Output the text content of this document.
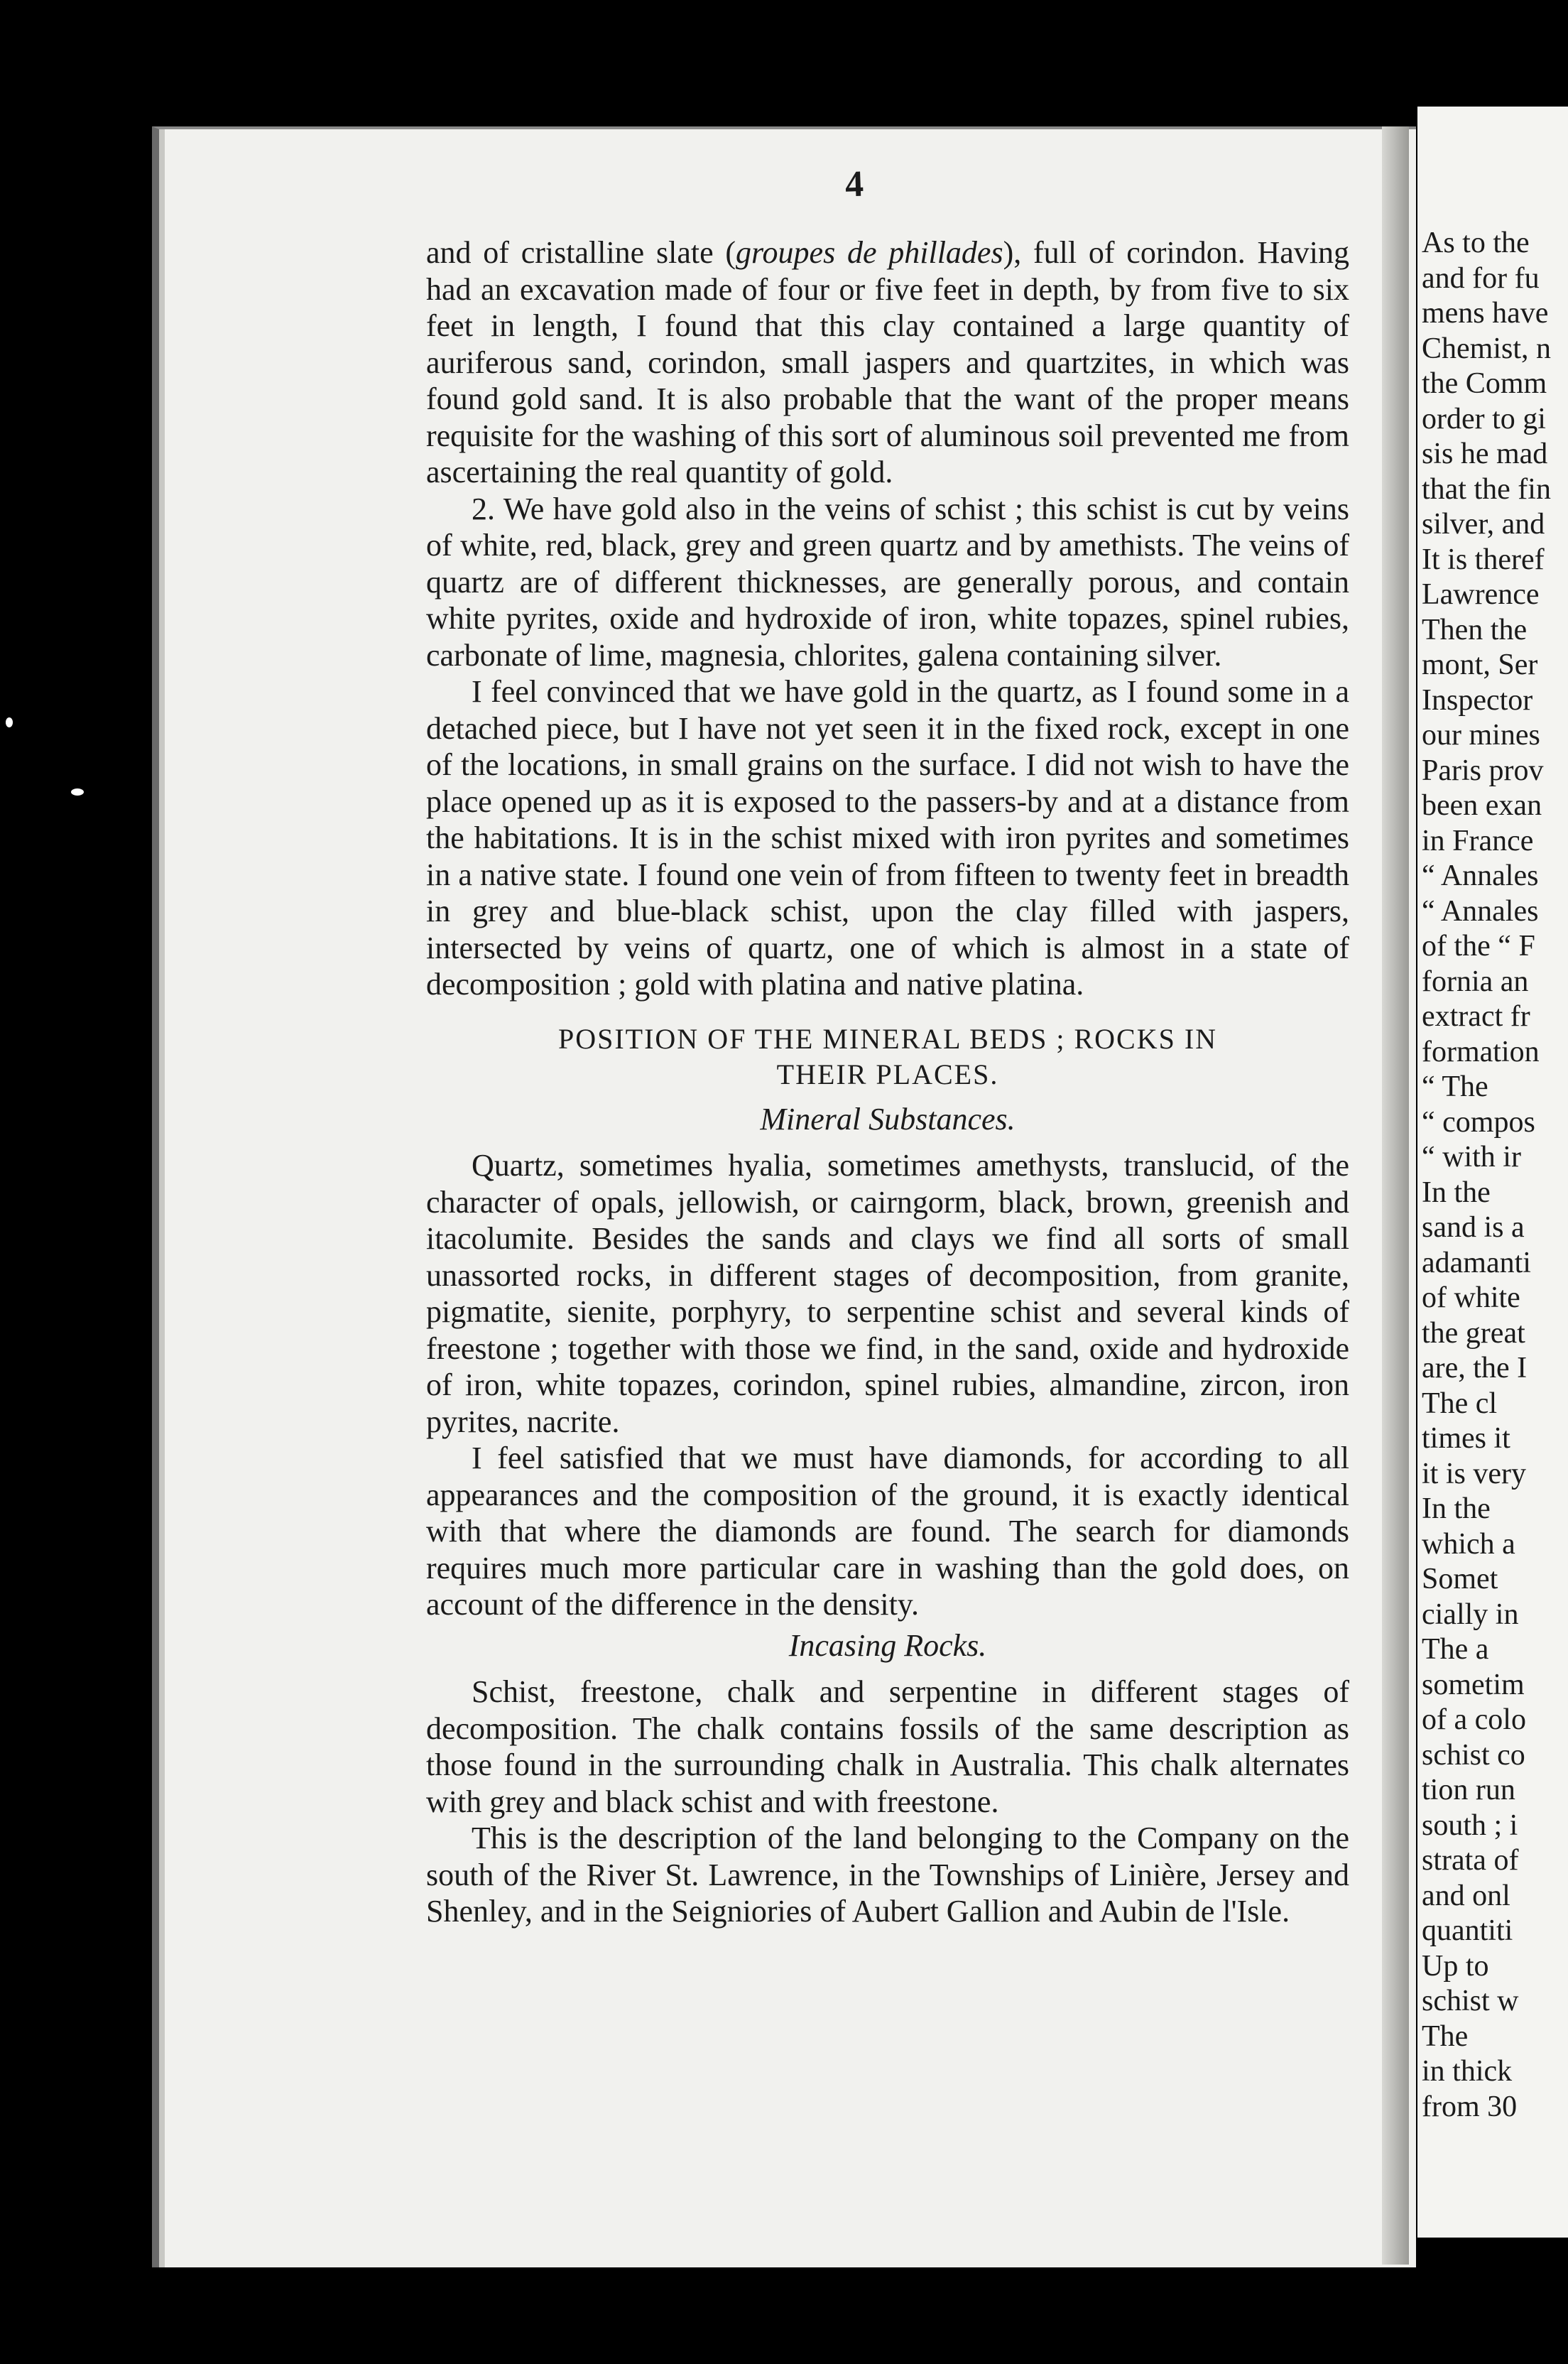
4

and of cristalline slate (groupes de phillades), full of corindon. Having had an excavation made of four or five feet in depth, by from five to six feet in length, I found that this clay contained a large quantity of auriferous sand, corindon, small jaspers and quartzites, in which was found gold sand. It is also probable that the want of the proper means requisite for the washing of this sort of aluminous soil prevented me from ascertaining the real quantity of gold.

2. We have gold also in the veins of schist ; this schist is cut by veins of white, red, black, grey and green quartz and by amethists. The veins of quartz are of different thicknesses, are generally porous, and contain white pyrites, oxide and hydroxide of iron, white topazes, spinel rubies, carbonate of lime, magnesia, chlorites, galena containing silver.

I feel convinced that we have gold in the quartz, as I found some in a detached piece, but I have not yet seen it in the fixed rock, except in one of the locations, in small grains on the surface. I did not wish to have the place opened up as it is exposed to the passers-by and at a distance from the habitations. It is in the schist mixed with iron pyrites and sometimes in a native state. I found one vein of from fifteen to twenty feet in breadth in grey and blue-black schist, upon the clay filled with jaspers, intersected by veins of quartz, one of which is almost in a state of decomposition ; gold with platina and native platina.

POSITION OF THE MINERAL BEDS ; ROCKS IN
THEIR PLACES.
Mineral Substances.

Quartz, sometimes hyalia, sometimes amethysts, translucid, of the character of opals, jellowish, or cairngorm, black, brown, greenish and itacolumite. Besides the sands and clays we find all sorts of small unassorted rocks, in different stages of decomposition, from granite, pigmatite, sienite, porphyry, to serpentine schist and several kinds of freestone ; together with those we find, in the sand, oxide and hydroxide of iron, white topazes, corindon, spinel rubies, almandine, zircon, iron pyrites, nacrite.

I feel satisfied that we must have diamonds, for according to all appearances and the composition of the ground, it is exactly identical with that where the diamonds are found. The search for diamonds requires much more particular care in washing than the gold does, on account of the difference in the density.

Incasing Rocks.

Schist, freestone, chalk and serpentine in different stages of decomposition. The chalk contains fossils of the same description as those found in the surrounding chalk in Australia. This chalk alternates with grey and black schist and with freestone.

This is the description of the land belonging to the Company on the south of the River St. Lawrence, in the Townships of Linière, Jersey and Shenley, and in the Seigniories of Aubert Gallion and Aubin de l'Isle.

As to the
and for fu
mens have
Chemist, n
the Comm
order to gi
sis he mad
that the fin
silver, and
It is theref
Lawrence
Then the
mont, Ser
Inspector
our mines
Paris prov
been exan
in France
“ Annales
“ Annales
of the “ F
fornia an
extract fr
formation
“ The
“ compos
“ with ir
In the
sand is a
adamanti
of white
the great
are, the I
The cl
times it
it is very
In the
which a
Somet
cially in
The a
sometim
of a colo
schist co
tion run
south ; i
strata of
and onl
quantiti
Up to
schist w
The
in thick
from 30
